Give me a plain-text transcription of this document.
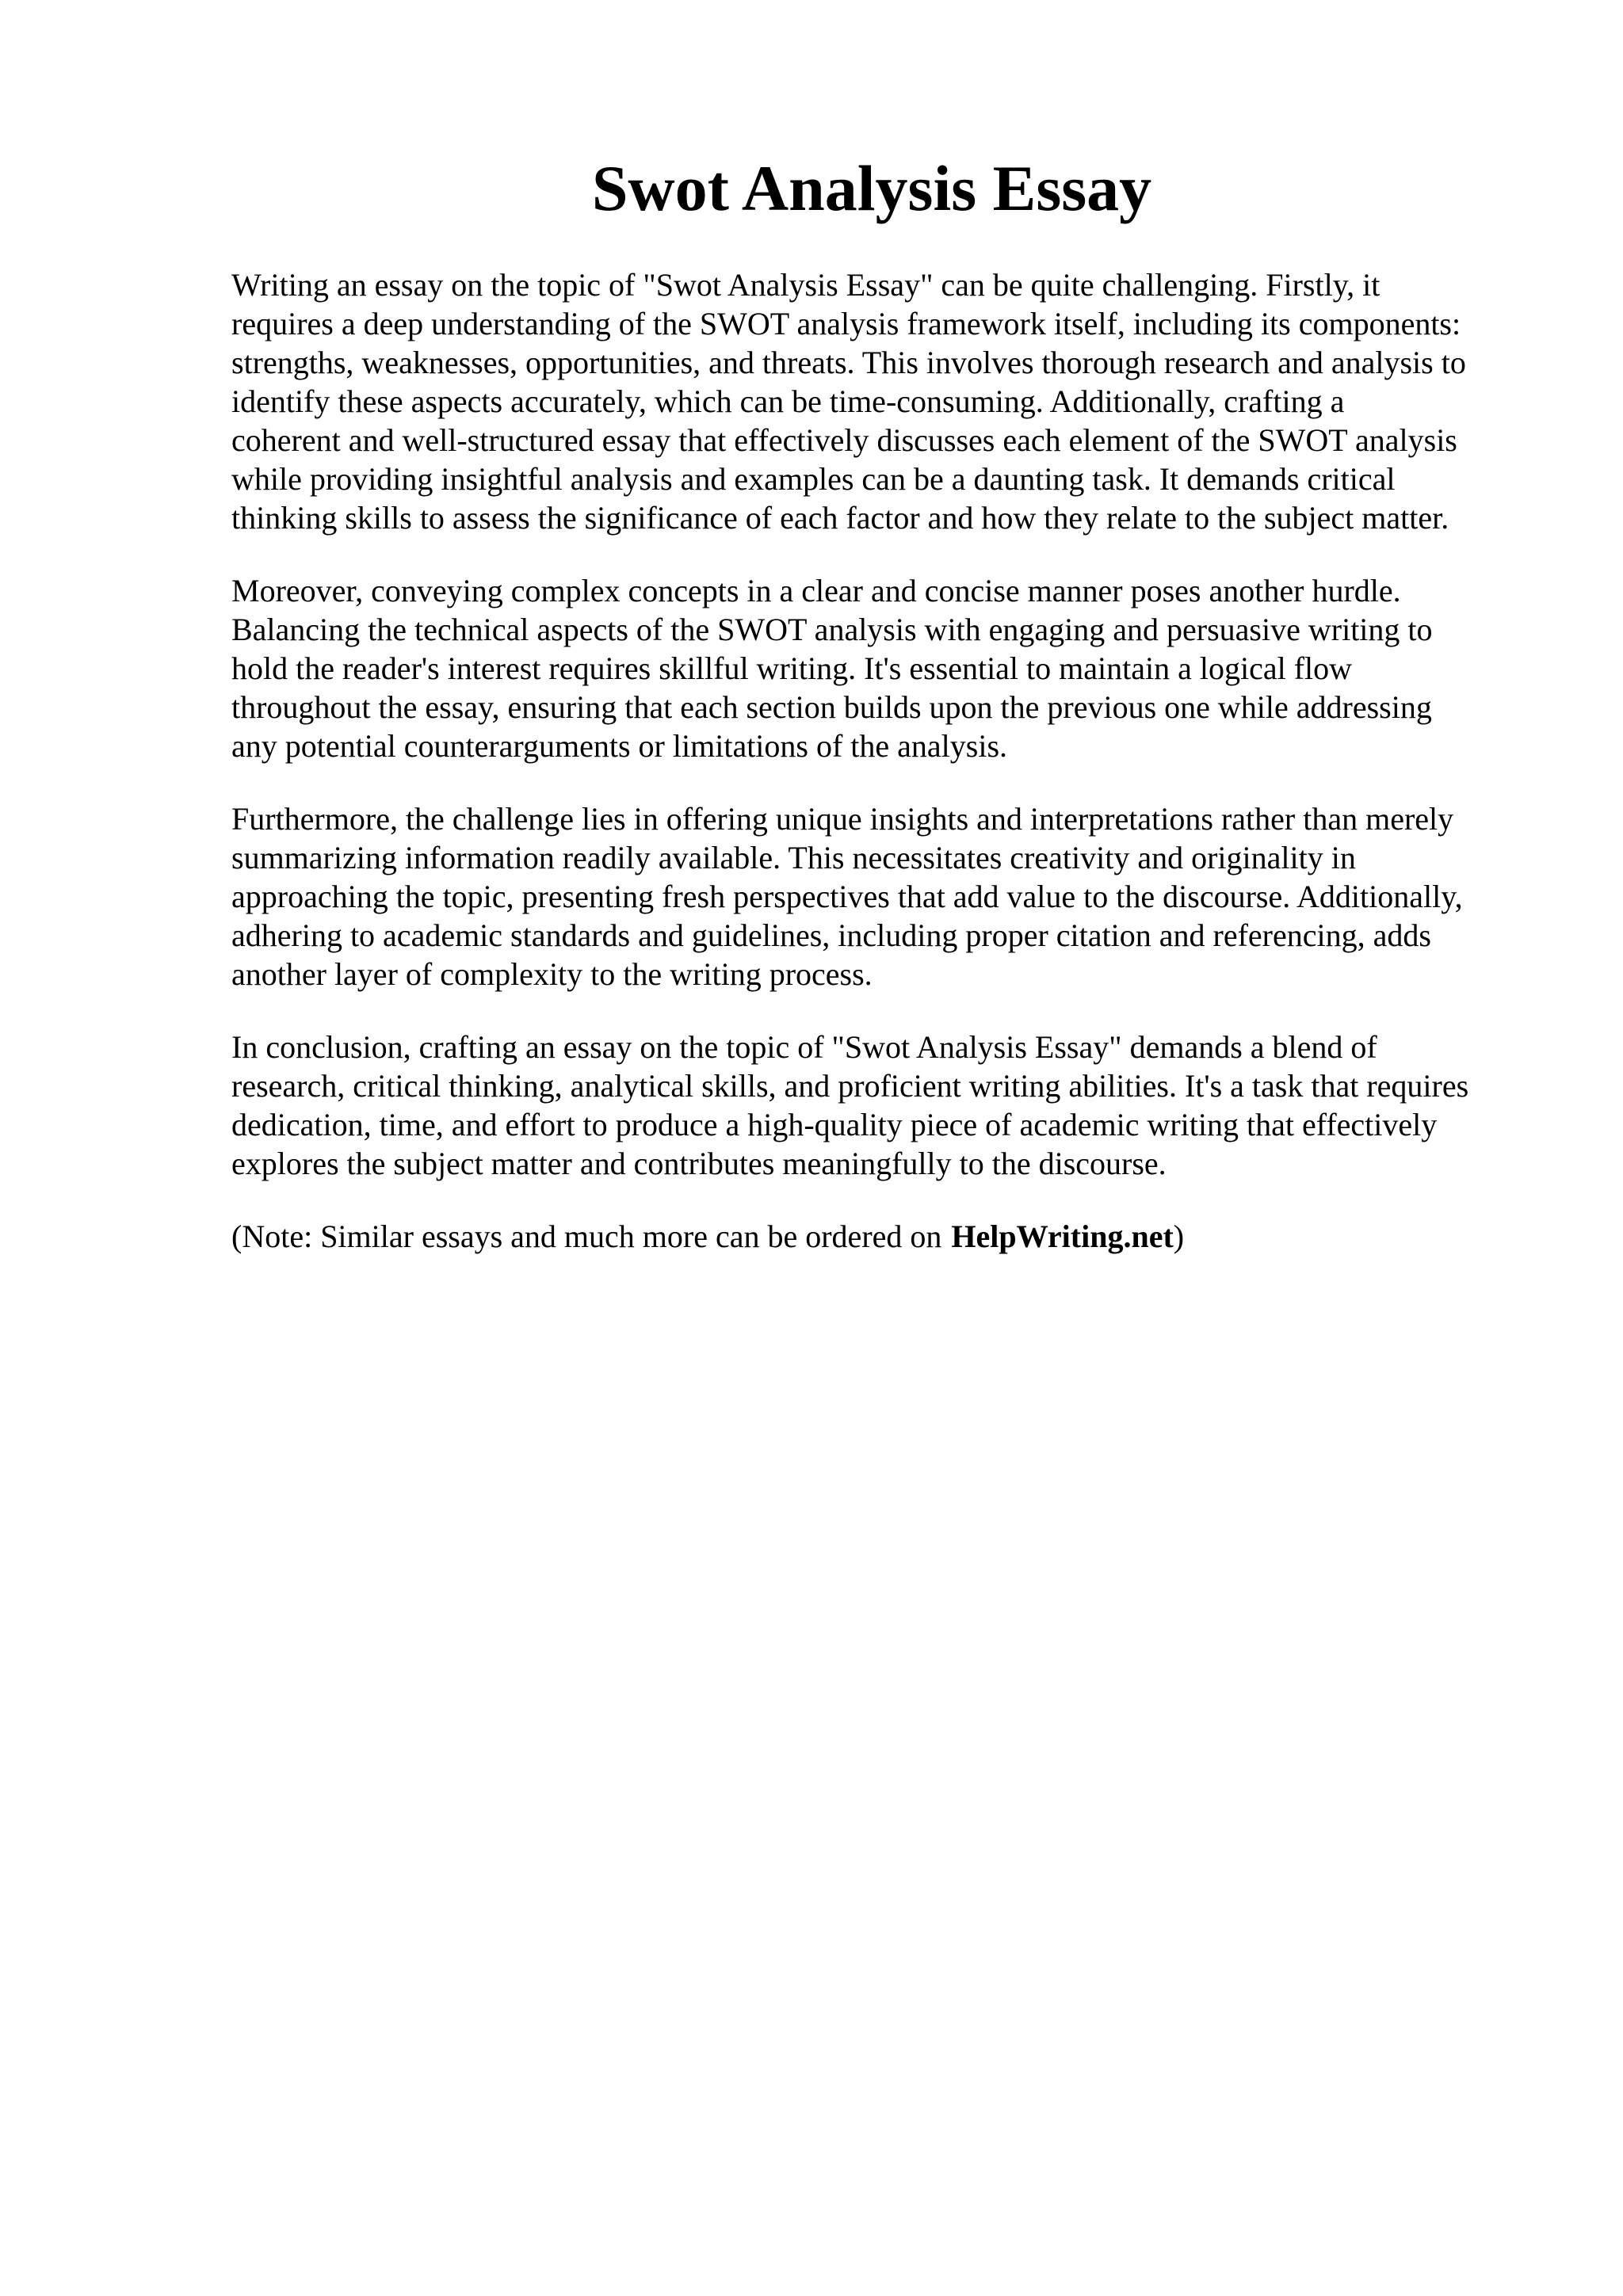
Swot Analysis Essay

Writing an essay on the topic of "Swot Analysis Essay" can be quite challenging. Firstly, it
requires a deep understanding of the SWOT analysis framework itself, including its components:
strengths, weaknesses, opportunities, and threats. This involves thorough research and analysis to
identify these aspects accurately, which can be time-consuming. Additionally, crafting a
coherent and well-structured essay that effectively discusses each element of the SWOT analysis
while providing insightful analysis and examples can be a daunting task. It demands critical
thinking skills to assess the significance of each factor and how they relate to the subject matter.

Moreover, conveying complex concepts in a clear and concise manner poses another hurdle.
Balancing the technical aspects of the SWOT analysis with engaging and persuasive writing to
hold the reader's interest requires skillful writing. It's essential to maintain a logical flow
throughout the essay, ensuring that each section builds upon the previous one while addressing
any potential counterarguments or limitations of the analysis.

Furthermore, the challenge lies in offering unique insights and interpretations rather than merely
summarizing information readily available. This necessitates creativity and originality in
approaching the topic, presenting fresh perspectives that add value to the discourse. Additionally,
adhering to academic standards and guidelines, including proper citation and referencing, adds
another layer of complexity to the writing process.

In conclusion, crafting an essay on the topic of "Swot Analysis Essay" demands a blend of
research, critical thinking, analytical skills, and proficient writing abilities. It's a task that requires
dedication, time, and effort to produce a high-quality piece of academic writing that effectively
explores the subject matter and contributes meaningfully to the discourse.

(Note: Similar essays and much more can be ordered on HelpWriting.net)
